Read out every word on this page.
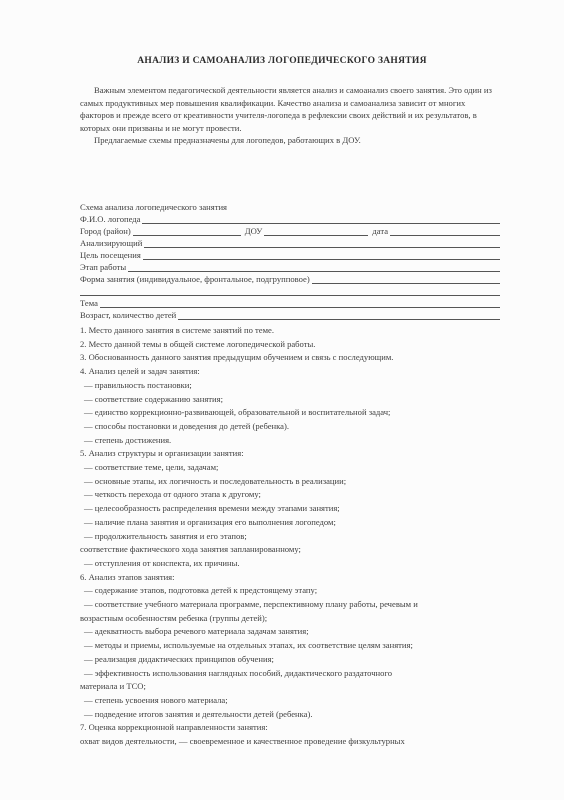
АНАЛИЗ И САМОАНАЛИЗ ЛОГОПЕДИЧЕСКОГО ЗАНЯТИЯ

Важным элементом педагогической деятельности является анализ и самоанализ своего занятия. Это один из самых продуктивных мер повышения квалификации. Качество анализа и самоанализа зависит от многих факторов и прежде всего от креативности учителя-логопеда в рефлексии своих действий и их результатов, в которых они призваны и не могут провести.

Предлагаемые схемы предназначены для логопедов, работающих в ДОУ.

Схема анализа логопедического занятия
Ф.И.О. логопеда
Город (район)	ДОУ	дата
Анализирующий
Цель посещения
Этап работы
Форма занятия (индивидуальное, фронтальное, подгрупповое)
Тема
Возраст, количество детей
1. Место данного занятия в системе занятий по теме.
2. Место данной темы в общей системе логопедической работы.
3. Обоснованность данного занятия предыдущим обучением и связь с последующим.
4. Анализ целей и задач занятия:
— правильность постановки;
— соответствие содержанию занятия;
— единство коррекционно-развивающей, образовательной и воспитательной задач;
— способы постановки и доведения до детей (ребенка).
— степень достижения.
5. Анализ структуры и организации занятия:
— соответствие теме, цели, задачам;
— основные этапы, их логичность и последовательность в реализации;
— четкость перехода от одного этапа к другому;
— целесообразность распределения времени между этапами занятия;
— наличие плана занятия и организация его выполнения логопедом;
— продолжительность занятия и его этапов;
соответствие фактического хода занятия запланированному;
— отступления от конспекта, их причины.
6. Анализ этапов занятия:
— содержание этапов, подготовка детей к предстоящему этапу;
— соответствие учебного материала программе, перспективному плану работы, речевым и
возрастным особенностям ребенка (группы детей);
— адекватность выбора речевого материала задачам занятия;
— методы и приемы, используемые на отдельных этапах, их соответствие целям занятия;
— реализация дидактических принципов обучения;
— эффективность использования наглядных пособий, дидактического раздаточного
материала и ТСО;
— степень усвоения нового материала;
— подведение итогов занятия и деятельности детей (ребенка).
7. Оценка коррекционной направленности занятия:
охват видов деятельности, — своевременное и качественное проведение физкультурных
